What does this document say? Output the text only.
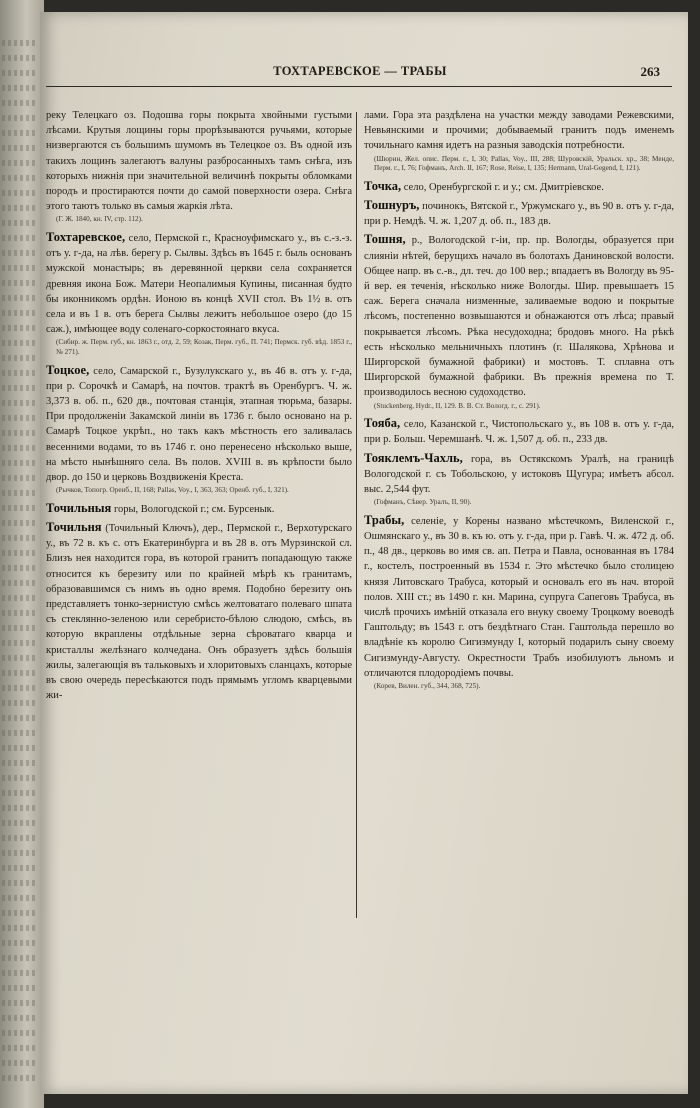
ТОХТАРЕВСКОЕ — ТРАБЫ	263
реку Телецкаго оз. Подошва горы покрыта хвойными густыми лѣсами. Крутыя лощины горы прорѣзываются ручьями, которые низвергаются съ большимъ шумомъ въ Телецкое оз. Въ одной изъ такихъ лощинъ залегаютъ валуны разбросанныхъ тамъ снѣга, изъ которыхъ нижнія при значительной величинѣ покрыты обломками породъ и простираются почти до самой поверхности озера. Снѣга этого таютъ только въ самыя жаркія лѣта.
(Г. Ж. 1840, кн. IV, стр. 112).
Тохтаревское, село, Пермской г., Красноуфимскаго у., въ с.-з.-з. отъ у. г-да, на лѣв. берегу р. Сылвы. Здѣсь въ 1645 г. быль основанъ мужской монастырь; въ деревянной церкви села сохраняется древняя икона Бож. Матери Неопалимыя Купины, писанная будто бы иконникомъ ордѣн. Ионою въ концѣ XVII стол. Въ 1½ в. отъ села и въ 1 в. отъ берега Сылвы лежитъ небольшое озеро (до 15 саж.), имѣющее воду соленаго-соркостоянаго вкуса.
(Сибир. ж. Перм. губ., кн. 1863 г., отд. 2, 59; Козак, Перм. губ., П. 741; Пермск. губ. вѣд. 1853 г., № 271).
Тоцкое, село, Самарской г., Бузулукскаго у., въ 46 в. отъ у. г-да, при р. Сорочкѣ и Самарѣ, на почтов. трактѣ въ Оренбургъ. Ч. ж. 3,373 в. об. п., 620 дв., почтовая станція, этапная тюрьма, базары. При продолженіи Закамской линіи въ 1736 г. было основано на р. Самарѣ Тоцкое укрѣп., но такъ какъ мѣстность его заливалась весенними водами, то въ 1746 г. оно перенесено нѣсколько выше, на мѣсто нынѣшняго села. Въ полов. XVIII в. въ крѣпости было двор. до 150 и церковь Воздвиженія Креста.
(Рычков, Топогр. Оренб., II, 168; Pallas, Voy., I, 363, 363; Оренб. губ., I, 321).
Точильныя горы, Вологодской г.; см. Бурсенык.
Точильня (Точильный Ключъ), дер., Пермской г., Верхотурскаго у., въ 72 в. къ с. отъ Екатеринбурга и въ 28 в. отъ Мурзинской сл. Близъ нея находится гора, въ которой гранитъ попадающую также относится къ березиту или по крайней мѣрѣ къ гранитамъ, образовавшимся съ нимъ въ одно время. Подобно березиту онъ представляетъ тонко-зернистую смѣсь желтоватаго полеваго шпата съ стеклянно-зеленою или серебристо-бѣлою слюдою, смѣсь, въ которую вкраплены отдѣльные зерна сѣроватаго кварца и кристаллы желѣзнаго колчедана. Онъ образуетъ здѣсь большія жилы, залегающія въ тальковыхъ и хлоритовыхъ сланцахъ, которые въ свою очередь пересѣкаются подъ прямымъ угломъ кварцевыми жи-
лами. Гора эта раздѣлена на участки между заводами Режевскими, Невьянскими и прочими; добываемый гранитъ подъ именемъ точильнаго камня идетъ на разныя заводскія потребности.
(Шюрин, Жел. опис. Перм. г., I, 30; Pallas, Voy., III, 288; Шуровскій, Уральск. хр., 38; Менде, Перм. г., I, 76; Гофманъ, Arch. II, 167; Rose, Reise, I, 135; Hermann, Ural-Gegend, I, 121).
Точка, село, Оренбургской г. и у.; см. Дмитріевское.
Тошнуръ, починокъ, Вятской г., Уржумскаго у., въ 90 в. отъ у. г-да, при р. Немдѣ. Ч. ж. 1,207 д. об. п., 183 дв.
Тошня, р., Вологодской г-іи, пр. пр. Вологды, образуется при слияніи нѣтей, берущихъ начало въ болотахъ Даниновской волости. Общее напр. въ с.-в., дл. теч. до 100 вер.; впадаетъ въ Вологду въ 95-й вер. ея теченія, нѣсколько ниже Вологды. Шир. превышаетъ 15 саж. Берега сначала низменные, заливаемые водою и покрытые лѣсомъ, постепенно возвышаются и обнажаются отъ лѣса; правый покрывается лѣсомъ. Рѣка несудоходна; бродовъ много. На рѣкѣ есть нѣсколько мельничныхъ плотинъ (г. Шалякова, Хрѣнова и Ширгорской бумажной фабрики) и мостовъ. Т. сплавна отъ Ширгорской бумажной фабрики. Въ прежнія времена по Т. производилось весною судоходство.
(Stuckenberg, Hydr., II, 129. В. В. Ст. Вологд. г., с. 291).
Тояба, село, Казанской г., Чистопольскаго у., въ 108 в. отъ у. г-да, при р. Больш. Черемшанѣ. Ч. ж. 1,507 д. об. п., 233 дв.
Тояклемъ-Чахль, гора, въ Остякскомъ Уралѣ, на границѣ Вологодской г. съ Тобольскою, у истоковъ Щугура; имѣетъ абсол. выс. 2,544 фут.
(Гофманъ, Сѣвер. Уралъ, II, 90).
Трабы, селеніе, у Корены названо мѣстечкомъ, Виленской г., Ошмянскаго у., въ 30 в. къ ю. отъ у. г-да, при р. Гавѣ. Ч. ж. 472 д. об. п., 48 дв., церковь во имя св. ап. Петра и Павла, основанная въ 1784 г., костелъ, построенный въ 1534 г. Это мѣстечко было столицею князя Литовскаго Трабуса, который и основалъ его въ нач. второй полов. XIII ст.; въ 1490 г. кн. Марина, супруга Сапеговъ Трабуса, въ числѣ прочихъ имѣній отказала его внуку своему Троцкому воеводѣ Гаштольду; въ 1543 г. отъ бездѣтнаго Стан. Гаштольда перешло во владѣніе къ королю Сигизмунду I, который подарилъ сыну своему Сигизмунду-Августу. Окрестности Трабъ изобилуютъ льномъ и отличаются плодородіемъ почвы.
(Корев, Вилен. губ., 344, 368, 725).
